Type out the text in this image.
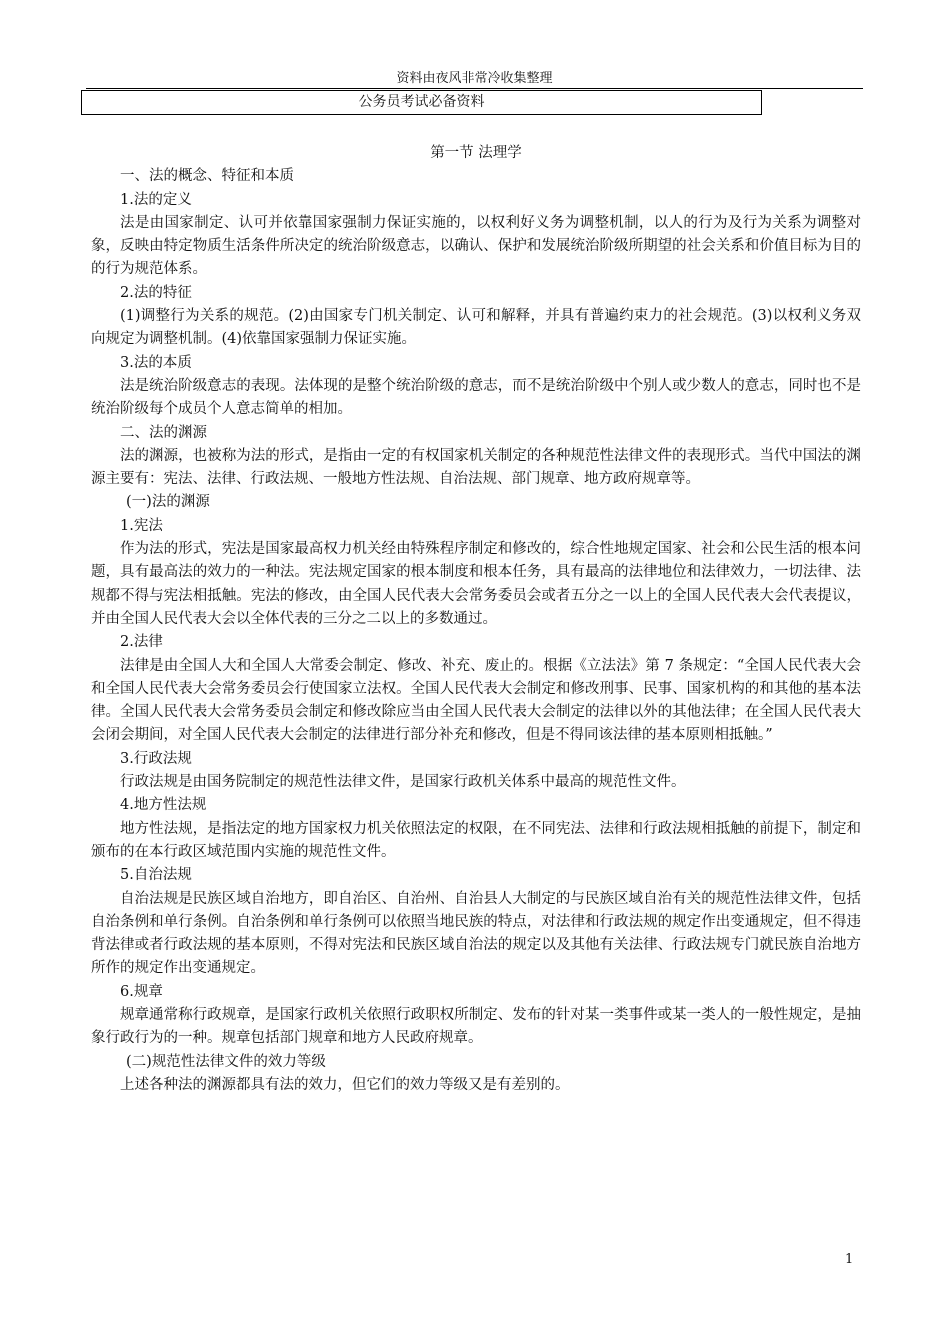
资料由夜风非常冷收集整理
公务员考试必备资料

第一节 法理学

一、法的概念、特征和本质

1.法的定义

法是由国家制定、认可并依靠国家强制力保证实施的，以权利好义务为调整机制，以人的行为及行为关系为调整对象，反映由特定物质生活条件所决定的统治阶级意志，以确认、保护和发展统治阶级所期望的社会关系和价值目标为目的的行为规范体系。

2.法的特征

(1)调整行为关系的规范。(2)由国家专门机关制定、认可和解释，并具有普遍约束力的社会规范。(3)以权利义务双向规定为调整机制。(4)依靠国家强制力保证实施。

3.法的本质

法是统治阶级意志的表现。法体现的是整个统治阶级的意志，而不是统治阶级中个别人或少数人的意志，同时也不是统治阶级每个成员个人意志简单的相加。

二、法的渊源

法的渊源，也被称为法的形式，是指由一定的有权国家机关制定的各种规范性法律文件的表现形式。当代中国法的渊源主要有：宪法、法律、行政法规、一般地方性法规、自治法规、部门规章、地方政府规章等。

(一)法的渊源

1.宪法

作为法的形式，宪法是国家最高权力机关经由特殊程序制定和修改的，综合性地规定国家、社会和公民生活的根本问题，具有最高法的效力的一种法。宪法规定国家的根本制度和根本任务，具有最高的法律地位和法律效力，一切法律、法规都不得与宪法相抵触。宪法的修改，由全国人民代表大会常务委员会或者五分之一以上的全国人民代表大会代表提议，并由全国人民代表大会以全体代表的三分之二以上的多数通过。

2.法律

法律是由全国人大和全国人大常委会制定、修改、补充、废止的。根据《立法法》第 7 条规定：“全国人民代表大会和全国人民代表大会常务委员会行使国家立法权。全国人民代表大会制定和修改刑事、民事、国家机构的和其他的基本法律。全国人民代表大会常务委员会制定和修改除应当由全国人民代表大会制定的法律以外的其他法律；在全国人民代表大会闭会期间，对全国人民代表大会制定的法律进行部分补充和修改，但是不得同该法律的基本原则相抵触。”

3.行政法规

行政法规是由国务院制定的规范性法律文件，是国家行政机关体系中最高的规范性文件。

4.地方性法规

地方性法规，是指法定的地方国家权力机关依照法定的权限，在不同宪法、法律和行政法规相抵触的前提下，制定和颁布的在本行政区域范围内实施的规范性文件。

5.自治法规

自治法规是民族区域自治地方，即自治区、自治州、自治县人大制定的与民族区域自治有关的规范性法律文件，包括自治条例和单行条例。自治条例和单行条例可以依照当地民族的特点，对法律和行政法规的规定作出变通规定，但不得违背法律或者行政法规的基本原则，不得对宪法和民族区域自治法的规定以及其他有关法律、行政法规专门就民族自治地方所作的规定作出变通规定。

6.规章

规章通常称行政规章，是国家行政机关依照行政职权所制定、发布的针对某一类事件或某一类人的一般性规定，是抽象行政行为的一种。规章包括部门规章和地方人民政府规章。

(二)规范性法律文件的效力等级

上述各种法的渊源都具有法的效力，但它们的效力等级又是有差别的。

1
